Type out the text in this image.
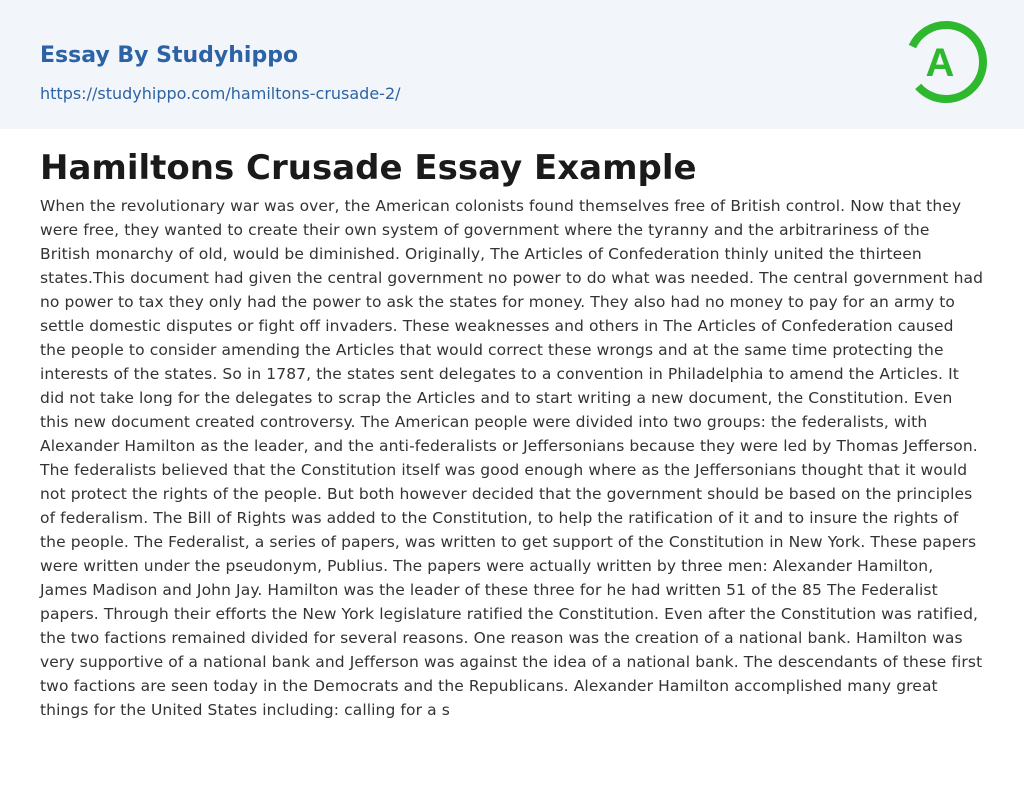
Essay By Studyhippo
https://studyhippo.com/hamiltons-crusade-2/
A
Hamiltons Crusade Essay Example

When the revolutionary war was over, the American colonists found themselves free of British control. Now that they were free, they wanted to create their own system of government where the tyranny and the arbitrariness of the British monarchy of old, would be diminished. Originally, The Articles of Confederation thinly united the thirteen states.This document had given the central government no power to do what was needed. The central government had no power to tax they only had the power to ask the states for money. They also had no money to pay for an army to settle domestic disputes or fight off invaders. These weaknesses and others in The Articles of Confederation caused the people to consider amending the Articles that would correct these wrongs and at the same time protecting the interests of the states. So in 1787, the states sent delegates to a convention in Philadelphia to amend the Articles. It did not take long for the delegates to scrap the Articles and to start writing a new document, the Constitution. Even this new document created controversy. The American people were divided into two groups: the federalists, with Alexander Hamilton as the leader, and the anti-federalists or Jeffersonians because they were led by Thomas Jefferson. The federalists believed that the Constitution itself was good enough where as the Jeffersonians thought that it would not protect the rights of the people. But both however decided that the government should be based on the principles of federalism. The Bill of Rights was added to the Constitution, to help the ratification of it and to insure the rights of the people. The Federalist, a series of papers, was written to get support of the Constitution in New York. These papers were written under the pseudonym, Publius. The papers were actually written by three men: Alexander Hamilton, James Madison and John Jay. Hamilton was the leader of these three for he had written 51 of the 85 The Federalist papers. Through their efforts the New York legislature ratified the Constitution. Even after the Constitution was ratified, the two factions remained divided for several reasons. One reason was the creation of a national bank. Hamilton was very supportive of a national bank and Jefferson was against the idea of a national bank. The descendants of these first two factions are seen today in the Democrats and the Republicans. Alexander Hamilton accomplished many great things for the United States including: calling for a s
